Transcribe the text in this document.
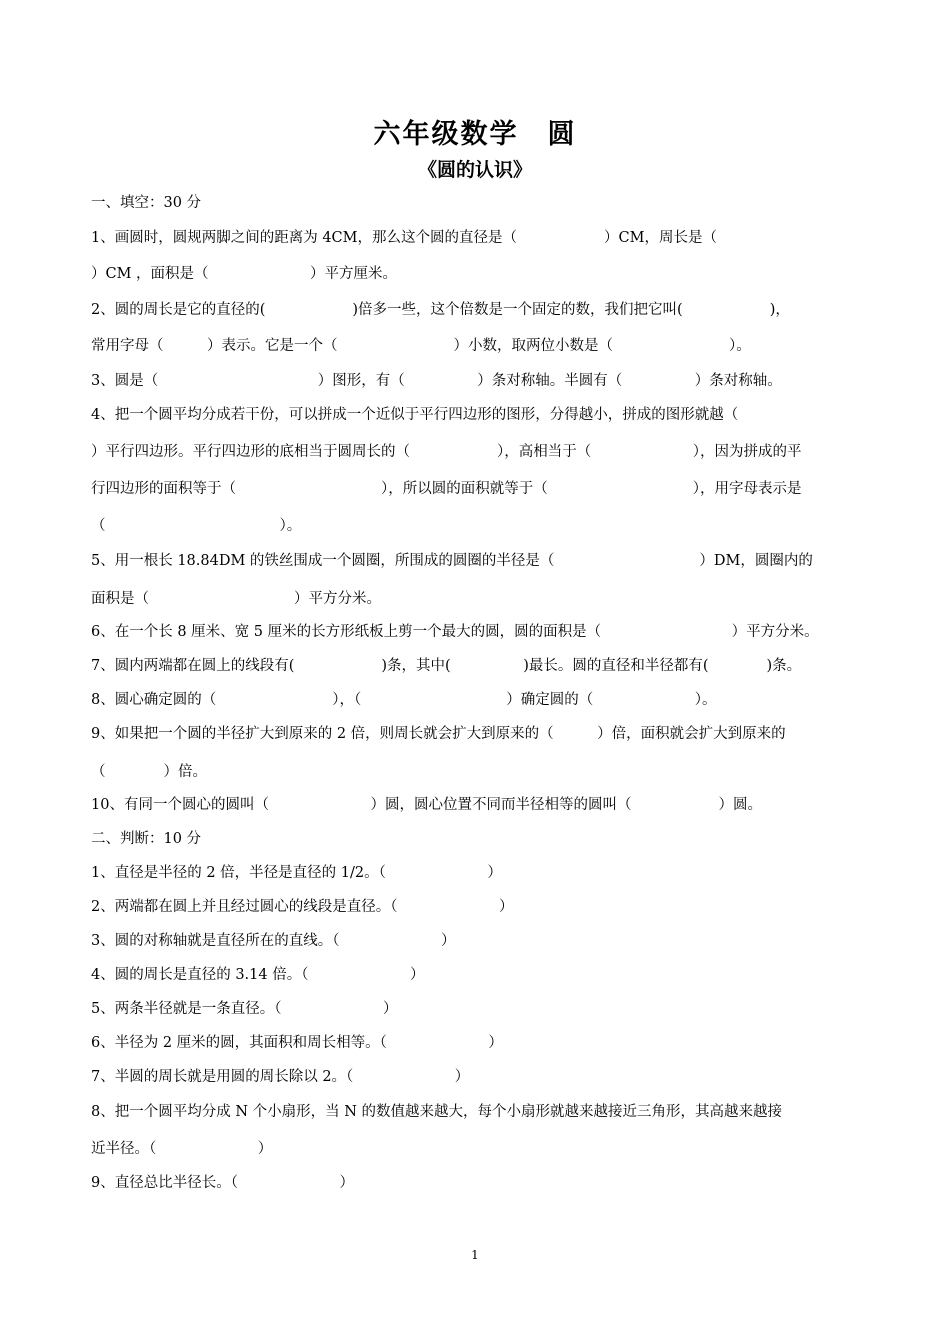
六年级数学　圆
《圆的认识》
一、填空：30 分
1、画圆时，圆规两脚之间的距离为 4CM，那么这个圆的直径是（　　　　　　）CM，周长是（
）CM ，面积是（　　　　　　　）平方厘米。
2、圆的周长是它的直径的(　　　　　　)倍多一些，这个倍数是一个固定的数，我们把它叫(　　　　　　)，
常用字母（　　　）表示。它是一个（　　　　　　　　）小数，取两位小数是（　　　　　　　　）。
3、圆是（　　　　　　　　　　　）图形，有（　　　　　）条对称轴。半圆有（　　　　　）条对称轴。
4、把一个圆平均分成若干份，可以拼成一个近似于平行四边形的图形，分得越小，拼成的图形就越（
）平行四边形。平行四边形的底相当于圆周长的（　　　　　　），高相当于（　　　　　　　），因为拼成的平
行四边形的面积等于（　　　　　　　　　　），所以圆的面积就等于（　　　　　　　　　　），用字母表示是
（　　　　　　　　　　　　）。
5、用一根长 18.84DM 的铁丝围成一个圆圈，所围成的圆圈的半径是（　　　　　　　　　　）DM，圆圈内的
面积是（　　　　　　　　　　）平方分米。
6、在一个长 8 厘米、宽 5 厘米的长方形纸板上剪一个最大的圆，圆的面积是（　　　　　　　　　）平方分米。
7、圆内两端都在圆上的线段有(　　　　　　)条，其中(　　　　　)最长。圆的直径和半径都有(　　　　)条。
8、圆心确定圆的（　　　　　　　　），（　　　　　　　　　　）确定圆的（　　　　　　　）。
9、如果把一个圆的半径扩大到原来的 2 倍，则周长就会扩大到原来的（　　　）倍，面积就会扩大到原来的
（　　　　）倍。
10、有同一个圆心的圆叫（　　　　　　　）圆，圆心位置不同而半径相等的圆叫（　　　　　　）圆。
二、判断：10 分
1、直径是半径的 2 倍，半径是直径的 1/2。（　　　　　　　）
2、两端都在圆上并且经过圆心的线段是直径。（　　　　　　　）
3、圆的对称轴就是直径所在的直线。（　　　　　　　）
4、圆的周长是直径的 3.14 倍。（　　　　　　　）
5、两条半径就是一条直径。（　　　　　　　）
6、半径为 2 厘米的圆，其面积和周长相等。（　　　　　　　）
7、半圆的周长就是用圆的周长除以 2。（　　　　　　　）
8、把一个圆平均分成 N 个小扇形，当 N 的数值越来越大，每个小扇形就越来越接近三角形，其高越来越接
近半径。（　　　　　　　）
9、直径总比半径长。（　　　　　　　）
1
